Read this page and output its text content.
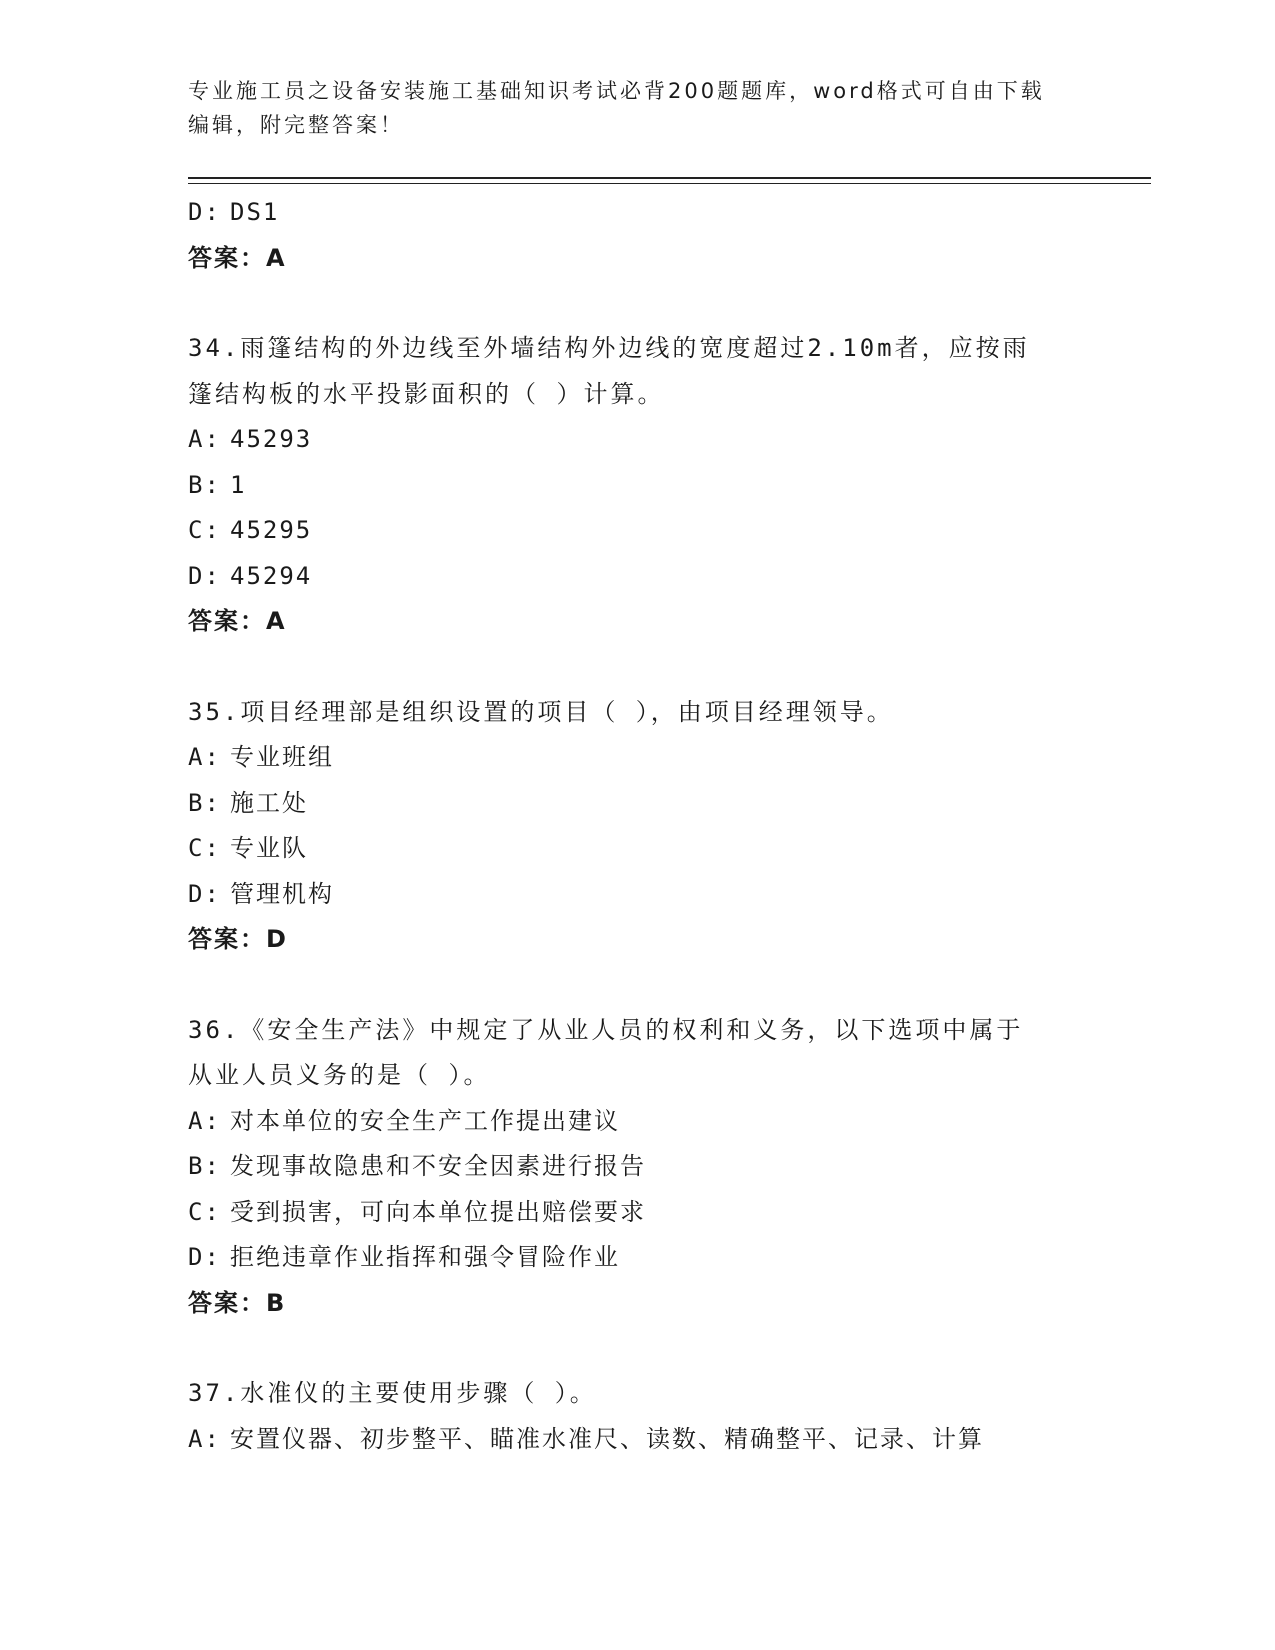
专业施工员之设备安装施工基础知识考试必背200题题库，word格式可自由下载
编辑，附完整答案！
D: DS1
答案：A
34.雨篷结构的外边线至外墙结构外边线的宽度超过2.10m者，应按雨
篷结构板的水平投影面积的（ ）计算。
A: 45293
B: 1
C: 45295
D: 45294
答案：A
35.项目经理部是组织设置的项目（ ），由项目经理领导。
A: 专业班组
B: 施工处
C: 专业队
D: 管理机构
答案：D
36.《安全生产法》中规定了从业人员的权利和义务，以下选项中属于
从业人员义务的是（ ）。
A: 对本单位的安全生产工作提出建议
B: 发现事故隐患和不安全因素进行报告
C: 受到损害，可向本单位提出赔偿要求
D: 拒绝违章作业指挥和强令冒险作业
答案：B
37.水准仪的主要使用步骤（ ）。
A: 安置仪器、初步整平、瞄准水准尺、读数、精确整平、记录、计算
